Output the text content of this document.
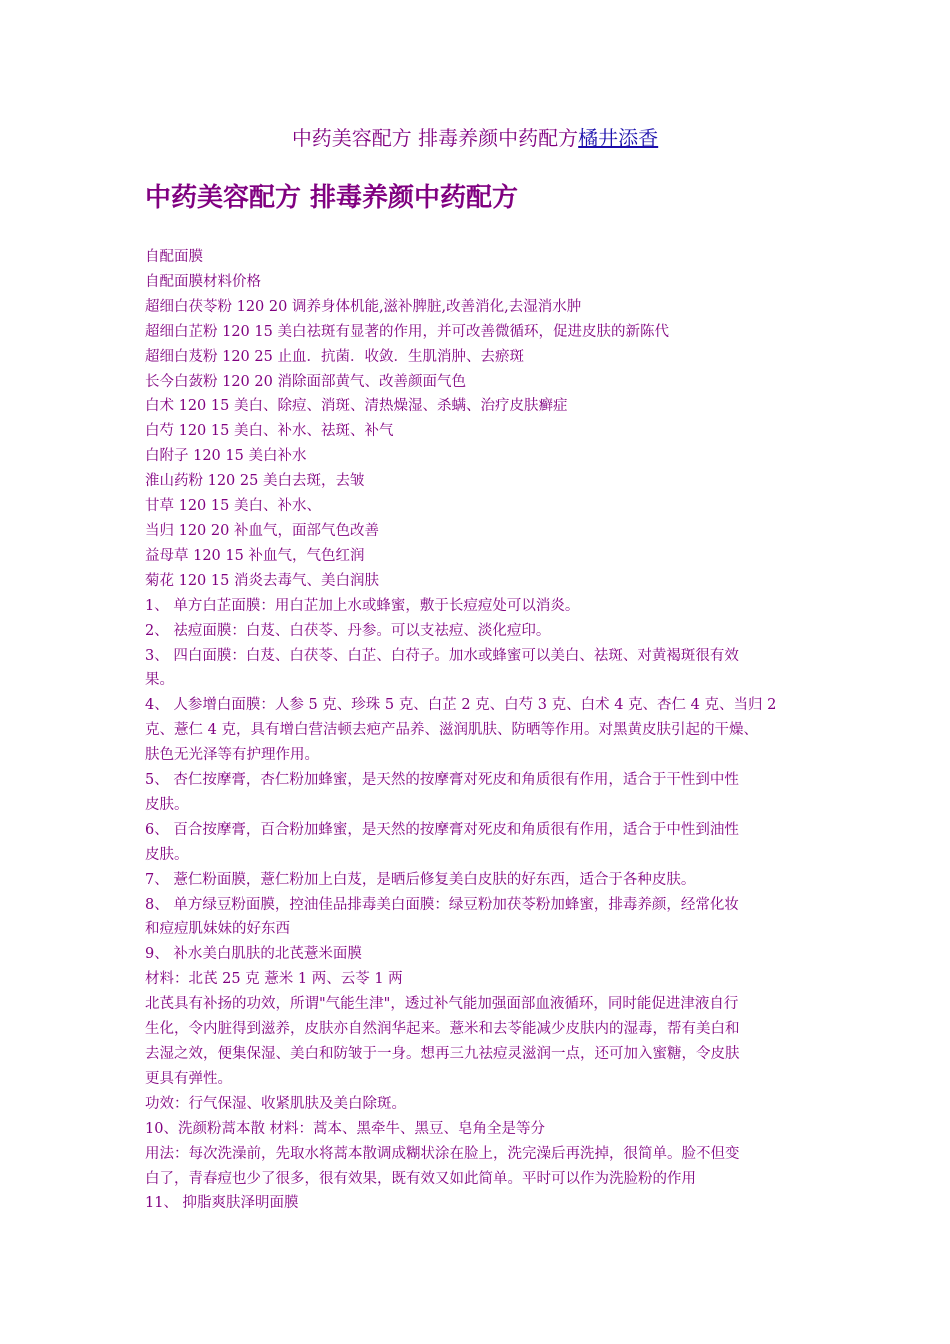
中药美容配方 排毒养颜中药配方橘井添香
中药美容配方 排毒养颜中药配方
自配面膜
自配面膜材料价格
超细白茯苓粉 120 20 调养身体机能,滋补脾脏,改善消化,去湿消水肿
超细白芷粉 120 15 美白祛斑有显著的作用，并可改善微循环，促进皮肤的新陈代
超细白芨粉 120 25 止血．抗菌．收敛．生肌消肿、去瘀斑
长今白蔹粉 120 20 消除面部黄气、改善颜面气色
白术 120 15 美白、除痘、消斑、清热燥湿、杀螨、治疗皮肤癣症
白芍 120 15 美白、补水、祛斑、补气
白附子 120 15 美白补水
淮山药粉 120 25 美白去斑，去皱
甘草 120 15 美白、补水、
当归 120 20 补血气，面部气色改善
益母草 120 15 补血气，气色红润
菊花 120 15 消炎去毒气、美白润肤
1、 单方白芷面膜：用白芷加上水或蜂蜜，敷于长痘痘处可以消炎。
2、 祛痘面膜：白芨、白茯苓、丹参。可以支祛痘、淡化痘印。
3、 四白面膜：白芨、白茯苓、白芷、白苻子。加水或蜂蜜可以美白、祛斑、对黄褐斑很有效
果。
4、 人参增白面膜：人参 5 克、珍珠 5 克、白芷 2 克、白芍 3 克、白术 4 克、杏仁 4 克、当归 2
克、薏仁 4 克，具有增白营洁顿去疤产品养、滋润肌肤、防晒等作用。对黑黄皮肤引起的干燥、
肤色无光泽等有护理作用。
5、 杏仁按摩膏，杏仁粉加蜂蜜，是天然的按摩膏对死皮和角质很有作用，适合于干性到中性
皮肤。
6、 百合按摩膏，百合粉加蜂蜜，是天然的按摩膏对死皮和角质很有作用，适合于中性到油性
皮肤。
7、 薏仁粉面膜，薏仁粉加上白芨，是晒后修复美白皮肤的好东西，适合于各种皮肤。
8、 单方绿豆粉面膜，控油佳品排毒美白面膜：绿豆粉加茯苓粉加蜂蜜，排毒养颜，经常化妆
和痘痘肌妹妹的好东西
9、 补水美白肌肤的北芪薏米面膜
材料：北芪 25 克 薏米 1 两、云苓 1 两
北芪具有补扬的功效，所谓"气能生津"，透过补气能加强面部血液循环，同时能促进津液自行
生化，令内脏得到滋养，皮肤亦自然润华起来。薏米和去苓能减少皮肤内的湿毒，帮有美白和
去湿之效，便集保湿、美白和防皱于一身。想再三九祛痘灵滋润一点，还可加入蜜糖，令皮肤
更具有弹性。
功效：行气保湿、收紧肌肤及美白除斑。
10、洗颜粉蒿本散 材料：蒿本、黑牵牛、黑豆、皂角全是等分
用法：每次洗澡前，先取水将蒿本散调成糊状涂在脸上，洗完澡后再洗掉，很简单。脸不但变
白了，青春痘也少了很多，很有效果，既有效又如此简单。平时可以作为洗脸粉的作用
11、 抑脂爽肤泽明面膜
